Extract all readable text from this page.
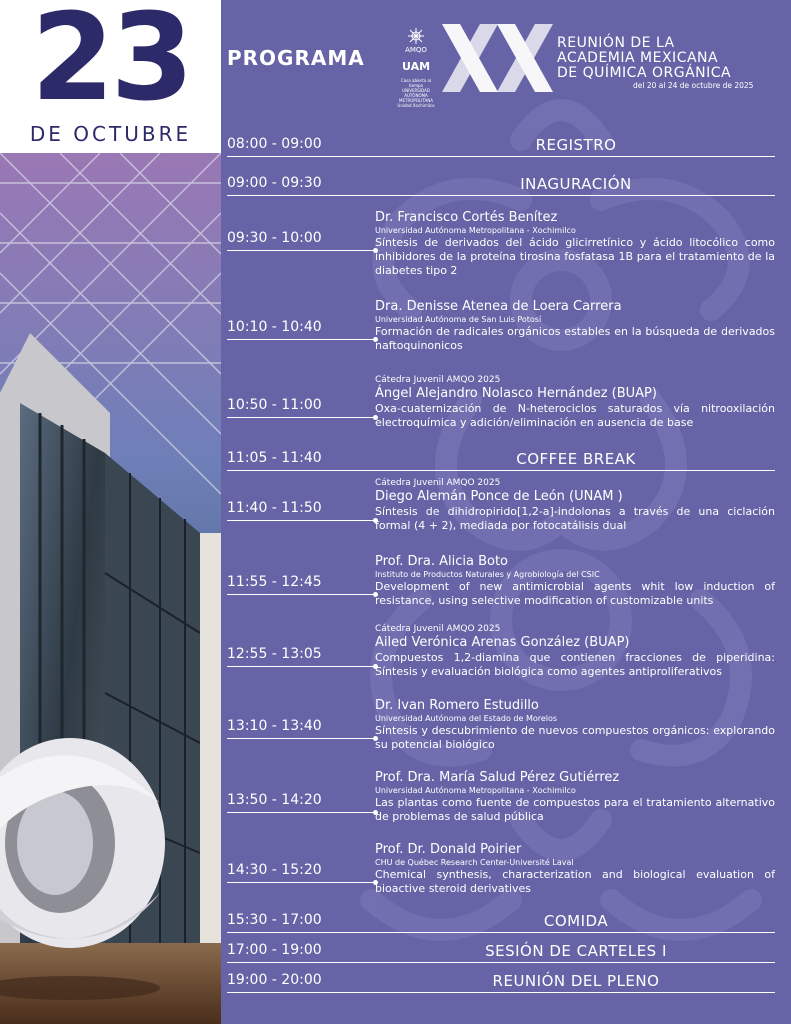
23
DE OCTUBRE
PROGRAMA	AMQO

UAM
Casa abierta al tiempo
UNIVERSIDAD AUTÓNOMA METROPOLITANA
Unidad Xochimilco
REUNIÓN DE LA
ACADEMIA MEXICANA
DE QUÍMICA ORGÁNICA
del 20 al 24 de octubre de 2025
08:00 - 09:00	REGISTRO
09:00 - 09:30	INAGURACIÓN
09:30 - 10:00
Dr. Francisco Cortés Benítez
Universidad Autónoma Metropolitana - Xochimilco
Síntesis de derivados del ácido glicirretínico y ácido litocólico como inhibidores de la proteína tirosina fosfatasa 1B para el tratamiento de la diabetes tipo 2
10:10 - 10:40
Dra. Denisse Atenea de Loera Carrera
Universidad Autónoma de San Luis Potosí
Formación de radicales orgánicos estables en la búsqueda de derivados naftoquinonicos
10:50 - 11:00
Cátedra Juvenil AMQO 2025
Ángel Alejandro Nolasco Hernández (BUAP)
Oxa-cuaternización de N-heterociclos saturados vía nitrooxilación electroquímica y adición/eliminación en ausencia de base
11:05 - 11:40	COFFEE BREAK
11:40 - 11:50
Cátedra Juvenil AMQO 2025
Diego Alemán Ponce de León (UNAM )
Síntesis de dihidropirido[1,2-a]-indolonas a través de una ciclación formal (4 + 2), mediada por fotocatálisis dual
11:55 - 12:45
Prof. Dra. Alicia Boto
Instituto de Productos Naturales y Agrobiología del CSIC
Development of new antimicrobial agents whit low induction of resistance, using selective modification of customizable units
12:55 - 13:05
Cátedra Juvenil AMQO 2025
Ailed Verónica Arenas González (BUAP)
Compuestos 1,2-diamina que contienen fracciones de piperidina: Síntesis y evaluación biológica como agentes antiproliferativos
13:10 - 13:40
Dr. Ivan Romero Estudillo
Universidad Autónoma del Estado de Morelos
Síntesis y descubrimiento de nuevos compuestos orgánicos: explorando su potencial biológico
13:50 - 14:20
Prof. Dra. María Salud Pérez Gutiérrez
Universidad Autónoma Metropolitana - Xochimilco
Las plantas como fuente de compuestos para el tratamiento alternativo de problemas de salud pública
14:30 - 15:20
Prof. Dr. Donald Poirier
CHU de Québec Research Center-Université Laval
Chemical synthesis, characterization and biological evaluation of bioactive steroid derivatives
15:30 - 17:00	COMIDA
17:00 - 19:00	SESIÓN DE CARTELES I
19:00 - 20:00	REUNIÓN DEL PLENO
